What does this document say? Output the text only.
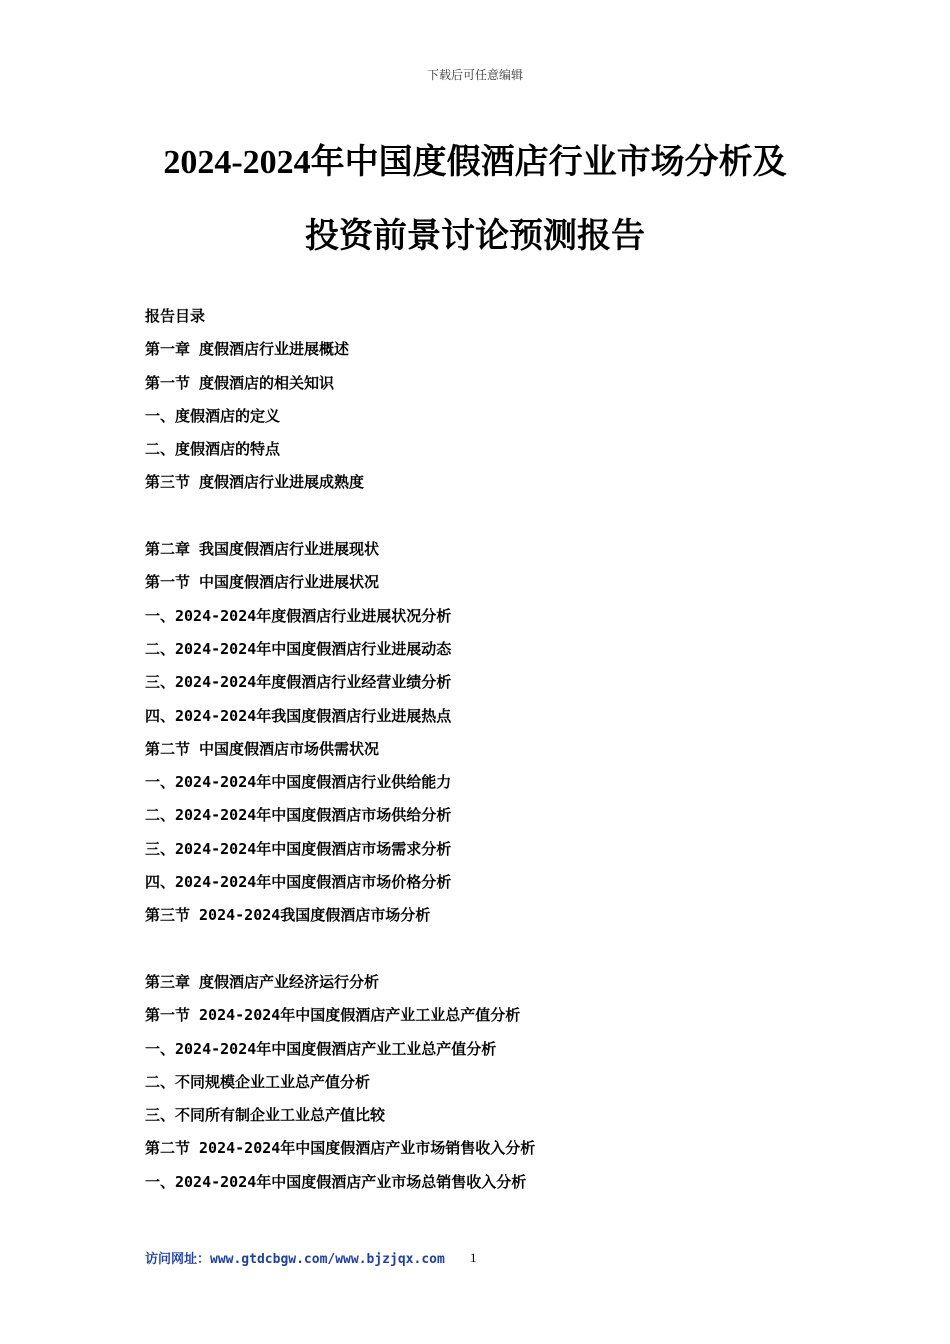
下载后可任意编辑
2024-2024年中国度假酒店行业市场分析及
投资前景讨论预测报告
报告目录
第一章 度假酒店行业进展概述
第一节 度假酒店的相关知识
一、度假酒店的定义
二、度假酒店的特点
第三节 度假酒店行业进展成熟度
第二章 我国度假酒店行业进展现状
第一节 中国度假酒店行业进展状况
一、2024-2024年度假酒店行业进展状况分析
二、2024-2024年中国度假酒店行业进展动态
三、2024-2024年度假酒店行业经营业绩分析
四、2024-2024年我国度假酒店行业进展热点
第二节 中国度假酒店市场供需状况
一、2024-2024年中国度假酒店行业供给能力
二、2024-2024年中国度假酒店市场供给分析
三、2024-2024年中国度假酒店市场需求分析
四、2024-2024年中国度假酒店市场价格分析
第三节 2024-2024我国度假酒店市场分析
第三章 度假酒店产业经济运行分析
第一节 2024-2024年中国度假酒店产业工业总产值分析
一、2024-2024年中国度假酒店产业工业总产值分析
二、不同规模企业工业总产值分析
三、不同所有制企业工业总产值比较
第二节 2024-2024年中国度假酒店产业市场销售收入分析
一、2024-2024年中国度假酒店产业市场总销售收入分析
访问网址：www.gtdcbgw.com/www.bjzjqx.com 1
